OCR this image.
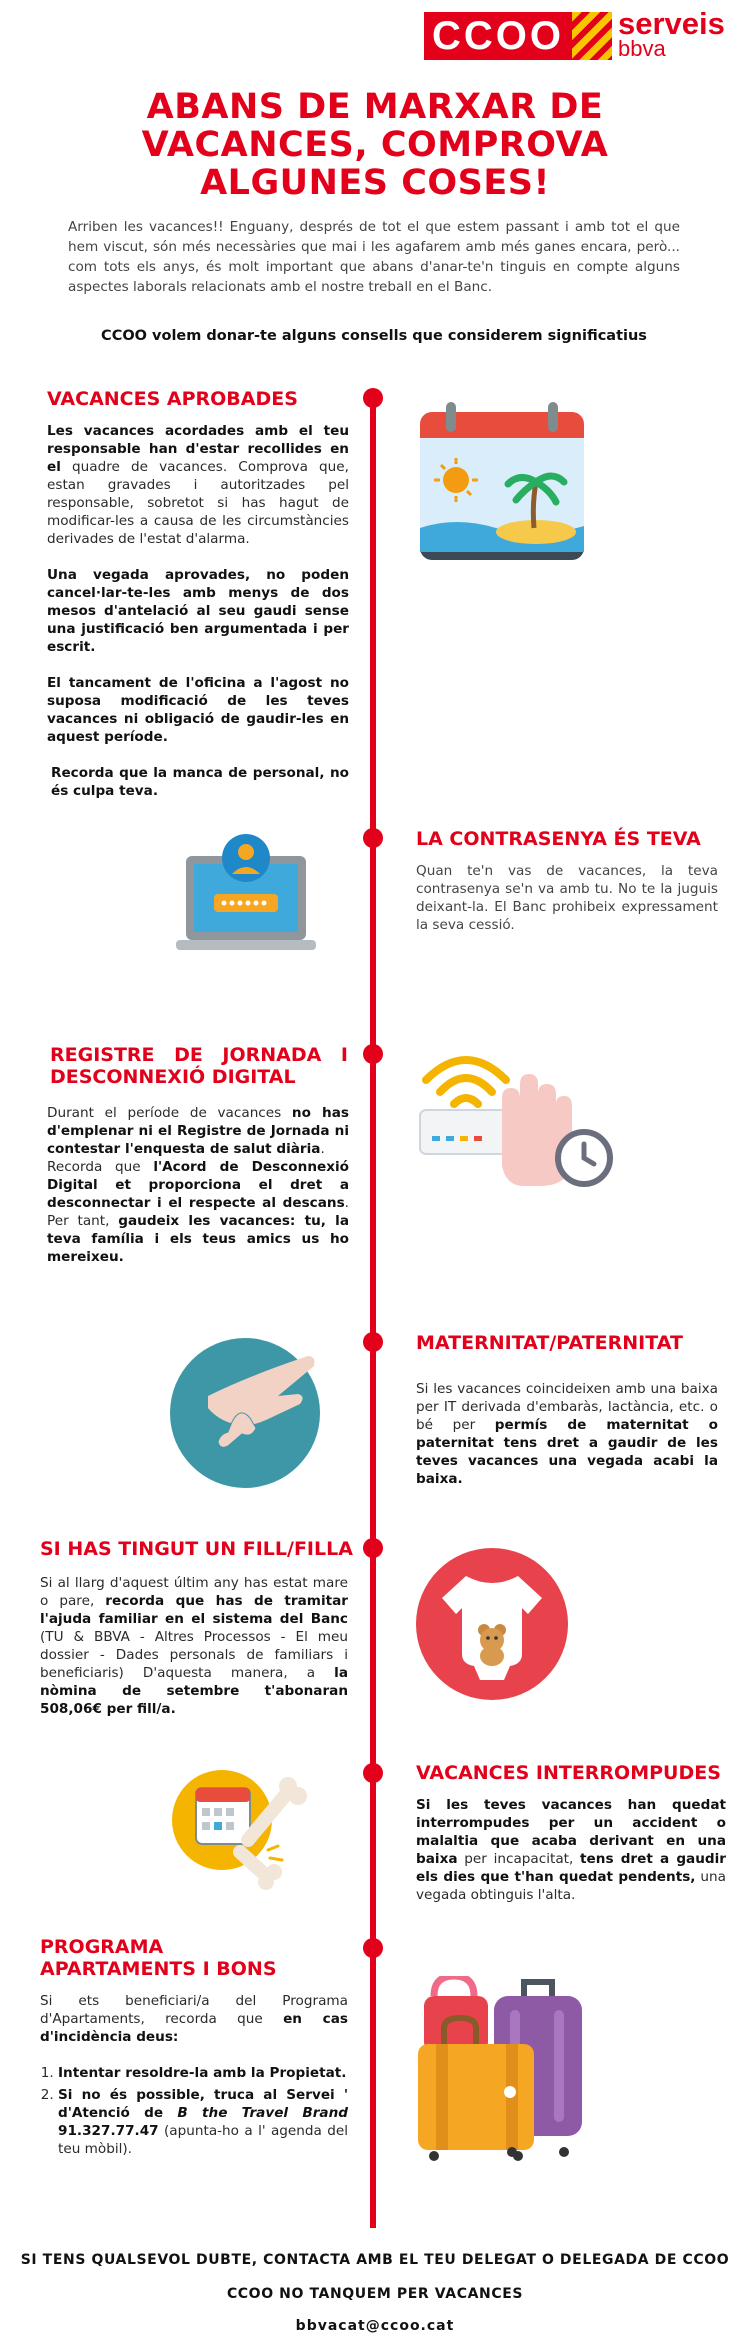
CCOO serveis
bbva
ABANS DE MARXAR DE VACANCES, COMPROVA ALGUNES COSES!
Arriben les vacances!! Enguany, després de tot el que estem passant i amb tot el que hem viscut, són més necessàries que mai i les agafarem amb més ganes encara, però... com tots els anys, és molt important que abans d'anar-te'n tinguis en compte alguns aspectes laborals relacionats amb el nostre treball en el Banc.
CCOO volem donar-te alguns consells que considerem significatius
VACANCES APROBADES

Les vacances acordades amb el teu responsable han d'estar recollides en el quadre de vacances. Comprova que, estan gravades i autoritzades pel responsable, sobretot si has hagut de modificar-les a causa de les circumstàncies derivades de l'estat d'alarma.

Una vegada aprovades, no poden cancel·lar-te-les amb menys de dos mesos d'antelació al seu gaudi sense una justificació ben argumentada i per escrit.

El tancament de l'oficina a l'agost no suposa modificació de les teves vacances ni obligació de gaudir-les en aquest període.

Recorda que la manca de personal, no és culpa teva.

LA CONTRASENYA ÉS TEVA
Quan te'n vas de vacances, la teva contrasenya se'n va amb tu. No te la juguis deixant-la. El Banc prohibeix expressament la seva cessió.
REGISTRE DE JORNADA I DESCONNEXIÓ DIGITAL
Durant el període de vacances no has d'emplenar ni el Registre de Jornada ni contestar l'enquesta de salut diària.
Recorda que l'Acord de Desconnexió Digital et proporciona el dret a desconnectar i el respecte al descans. Per tant, gaudeix les vacances: tu, la teva família i els teus amics us ho mereixeu.
MATERNITAT/PATERNITAT
Si les vacances coincideixen amb una baixa per IT derivada d'embaràs, lactància, etc. o bé per permís de maternitat o paternitat tens dret a gaudir de les teves vacances una vegada acabi la baixa.
SI HAS TINGUT UN FILL/FILLA
Si al llarg d'aquest últim any has estat mare o pare, recorda que has de tramitar l'ajuda familiar en el sistema del Banc (TU & BBVA - Altres Processos - El meu dossier - Dades personals de familiars i beneficiaris) D'aquesta manera, a la nòmina de setembre t'abonaran 508,06€ per fill/a.
VACANCES INTERROMPUDES
Si les teves vacances han quedat interrompudes per un accident o malaltia que acaba derivant en una baixa per incapacitat, tens dret a gaudir els dies que t'han quedat pendents, una vegada obtinguis l'alta.
PROGRAMA APARTAMENTS I BONS

Si ets beneficiari/a del Programa d'Apartaments, recorda que en cas d'incidència deus:

1. Intentar resoldre-la amb la Propietat.
2. Si no és possible, truca al Servei ' d'Atenció de B the Travel Brand 91.327.77.47 (apunta-ho a l' agenda del teu mòbil).
SI TENS QUALSEVOL DUBTE, CONTACTA AMB EL TEU DELEGAT O DELEGADA DE CCOO
CCOO NO TANQUEM PER VACANCES
bbvacat@ccoo.cat
